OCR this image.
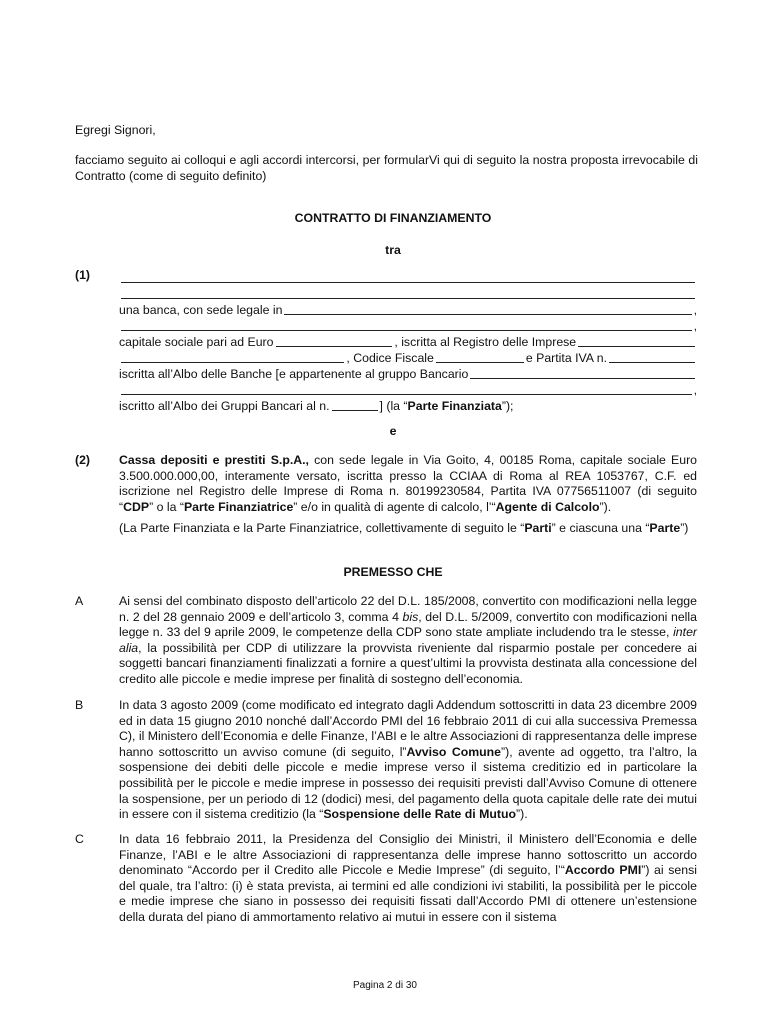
Egregi Signori,

facciamo seguito ai colloqui e agli accordi intercorsi, per formularVi qui di seguito la nostra proposta irrevocabile di Contratto (come di seguito definito)

CONTRATTO DI FINANZIAMENTO
tra
(1)
una banca, con sede legale in	,
,
capitale sociale pari ad Euro	, iscritta al Registro delle Imprese
, Codice Fiscale	e Partita IVA n.
iscritta all’Albo delle Banche [e appartenente al gruppo Bancario
,
iscritto all’Albo dei Gruppi Bancari al n.	] (la “ Parte Finanziata ”);
e
(2) Cassa depositi e prestiti S.p.A., con sede legale in Via Goito, 4, 00185 Roma, capitale sociale Euro 3.500.000.000,00, interamente versato, iscritta presso la CCIAA di Roma al REA 1053767, C.F. ed iscrizione nel Registro delle Imprese di Roma n. 80199230584, Partita IVA 07756511007 (di seguito “CDP” o la “Parte Finanziatrice” e/o in qualità di agente di calcolo, l’“Agente di Calcolo”).

(La Parte Finanziata e la Parte Finanziatrice, collettivamente di seguito le “Parti” e ciascuna una “Parte”)

PREMESSO CHE
A	Ai sensi del combinato disposto dell’articolo 22 del D.L. 185/2008, convertito con modificazioni nella legge n. 2 del 28 gennaio 2009 e dell’articolo 3, comma 4 bis, del D.L. 5/2009, convertito con modificazioni nella legge n. 33 del 9 aprile 2009, le competenze della CDP sono state ampliate includendo tra le stesse, inter alia, la possibilità per CDP di utilizzare la provvista riveniente dal risparmio postale per concedere ai soggetti bancari finanziamenti finalizzati a fornire a quest’ultimi la provvista destinata alla concessione del credito alle piccole e medie imprese per finalità di sostegno dell’economia.

B	In data 3 agosto 2009 (come modificato ed integrato dagli Addendum sottoscritti in data 23 dicembre 2009 ed in data 15 giugno 2010 nonché dall’Accordo PMI del 16 febbraio 2011 di cui alla successiva Premessa C), il Ministero dell’Economia e delle Finanze, l’ABI e le altre Associazioni di rappresentanza delle imprese hanno sottoscritto un avviso comune (di seguito, l”Avviso Comune”), avente ad oggetto, tra l’altro, la sospensione dei debiti delle piccole e medie imprese verso il sistema creditizio ed in particolare la possibilità per le piccole e medie imprese in possesso dei requisiti previsti dall’Avviso Comune di ottenere la sospensione, per un periodo di 12 (dodici) mesi, del pagamento della quota capitale delle rate dei mutui in essere con il sistema creditizio (la “Sospensione delle Rate di Mutuo”).

C	In data 16 febbraio 2011, la Presidenza del Consiglio dei Ministri, il Ministero dell’Economia e delle Finanze, l’ABI e le altre Associazioni di rappresentanza delle imprese hanno sottoscritto un accordo denominato “Accordo per il Credito alle Piccole e Medie Imprese” (di seguito, l’“Accordo PMI”) ai sensi del quale, tra l’altro: (i) è stata prevista, ai termini ed alle condizioni ivi stabiliti, la possibilità per le piccole e medie imprese che siano in possesso dei requisiti fissati dall’Accordo PMI di ottenere un’estensione della durata del piano di ammortamento relativo ai mutui in essere con il sistema

Pagina 2 di 30
